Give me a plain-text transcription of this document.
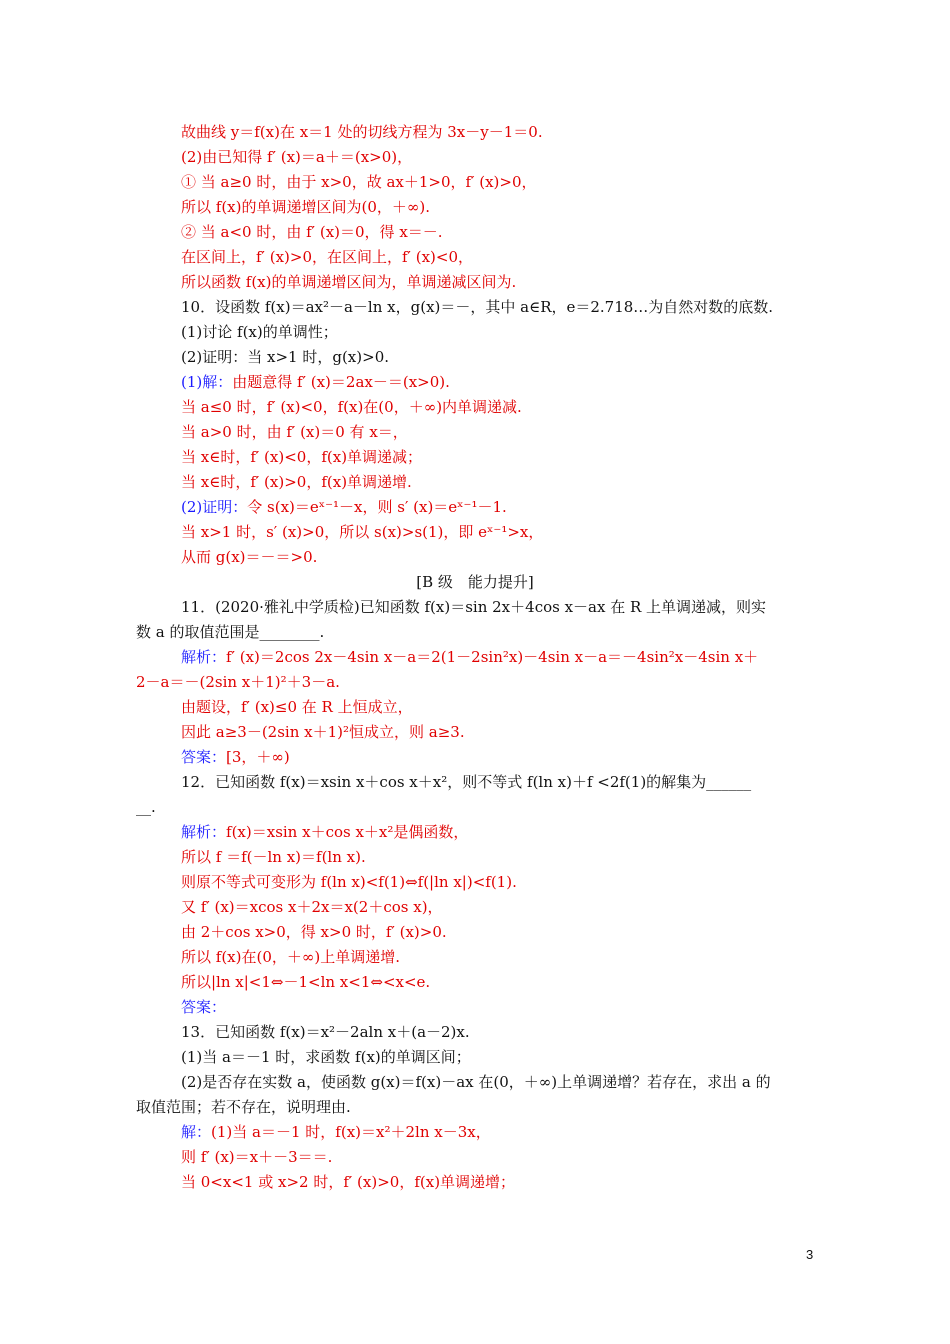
故曲线 y＝f(x)在 x＝1 处的切线方程为 3x－y－1＝0.
(2)由已知得 f′ (x)＝a＋＝(x>0)，
① 当 a≥0 时，由于 x>0，故 ax＋1>0，f′ (x)>0，
所以 f(x)的单调递增区间为(0，＋∞).
② 当 a<0 时，由 f′ (x)＝0，得 x＝－.
在区间上，f′ (x)>0，在区间上，f′ (x)<0，
所以函数 f(x)的单调递增区间为，单调递减区间为.
10．设函数 f(x)＝ax²－a－ln x，g(x)＝－，其中 a∈R，e＝2.718…为自然对数的底数.
(1)讨论 f(x)的单调性；
(2)证明：当 x>1 时，g(x)>0.
(1)解：由题意得 f′ (x)＝2ax－＝(x>0).
当 a≤0 时，f′ (x)<0，f(x)在(0，＋∞)内单调递减.
当 a>0 时，由 f′ (x)＝0 有 x＝，
当 x∈时，f′ (x)<0，f(x)单调递减；
当 x∈时，f′ (x)>0，f(x)单调递增.
(2)证明：令 s(x)＝eˣ⁻¹－x，则 s′ (x)＝eˣ⁻¹－1.
当 x>1 时，s′ (x)>0，所以 s(x)>s(1)，即 eˣ⁻¹>x，
从而 g(x)＝－＝>0.
[B 级　能力提升]
11．(2020·雅礼中学质检)已知函数 f(x)＝sin 2x＋4cos x－ax 在 R 上单调递减，则实
数 a 的取值范围是________.
解析：f′ (x)＝2cos 2x－4sin x－a＝2(1－2sin²x)－4sin x－a＝－4sin²x－4sin x＋
2－a＝－(2sin x＋1)²＋3－a.
由题设，f′ (x)≤0 在 R 上恒成立，
因此 a≥3－(2sin x＋1)²恒成立，则 a≥3.
答案：[3，＋∞)
12．已知函数 f(x)＝xsin x＋cos x＋x²，则不等式 f(ln x)＋f <2f(1)的解集为______
__.
解析：f(x)＝xsin x＋cos x＋x²是偶函数，
所以 f ＝f(－ln x)＝f(ln x).
则原不等式可变形为 f(ln x)<f(1)⇔f(|ln x|)<f(1).
又 f′ (x)＝xcos x＋2x＝x(2＋cos x)，
由 2＋cos x>0，得 x>0 时，f′ (x)>0.
所以 f(x)在(0，＋∞)上单调递增.
所以|ln x|<1⇔－1<ln x<1⇔<x<e.
答案：
13．已知函数 f(x)＝x²－2aln x＋(a－2)x.
(1)当 a＝－1 时，求函数 f(x)的单调区间；
(2)是否存在实数 a，使函数 g(x)＝f(x)－ax 在(0，＋∞)上单调递增？若存在，求出 a 的
取值范围；若不存在，说明理由.
解：(1)当 a＝－1 时，f(x)＝x²＋2ln x－3x，
则 f′ (x)＝x＋－3＝＝.
当 0<x<1 或 x>2 时，f′ (x)>0，f(x)单调递增；
3
